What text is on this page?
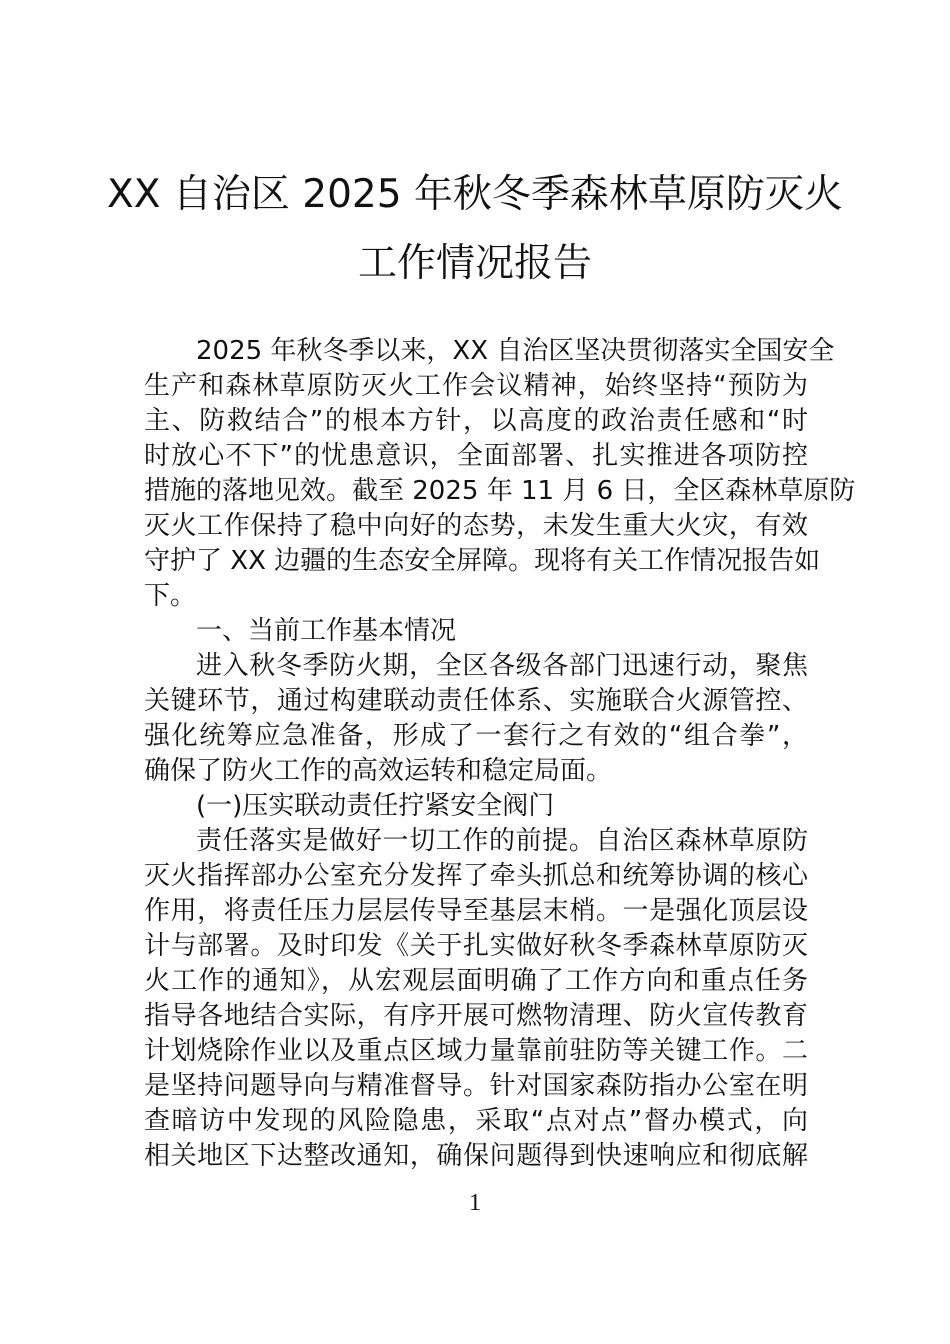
XX 自治区 2025 年秋冬季森林草原防灭火
工作情况报告
2025 年秋冬季以来，XX 自治区坚决贯彻落实全国安全
生产和森林草原防灭火工作会议精神，始终坚持“预防为
主、防救结合”的根本方针，以高度的政治责任感和“时
时放心不下”的忧患意识，全面部署、扎实推进各项防控
措施的落地见效。截至 2025 年 11 月 6 日，全区森林草原防
灭火工作保持了稳中向好的态势，未发生重大火灾，有效
守护了 XX 边疆的生态安全屏障。现将有关工作情况报告如
下。
一、当前工作基本情况
进入秋冬季防火期，全区各级各部门迅速行动，聚焦
关键环节，通过构建联动责任体系、实施联合火源管控、
强化统筹应急准备，形成了一套行之有效的“组合拳”，
确保了防火工作的高效运转和稳定局面。
(一)压实联动责任拧紧安全阀门
责任落实是做好一切工作的前提。自治区森林草原防
灭火指挥部办公室充分发挥了牵头抓总和统筹协调的核心
作用，将责任压力层层传导至基层末梢。一是强化顶层设
计与部署。及时印发《关于扎实做好秋冬季森林草原防灭
火工作的通知》，从宏观层面明确了工作方向和重点任务
指导各地结合实际，有序开展可燃物清理、防火宣传教育
计划烧除作业以及重点区域力量靠前驻防等关键工作。二
是坚持问题导向与精准督导。针对国家森防指办公室在明
查暗访中发现的风险隐患，采取“点对点”督办模式，向
相关地区下达整改通知，确保问题得到快速响应和彻底解
1
